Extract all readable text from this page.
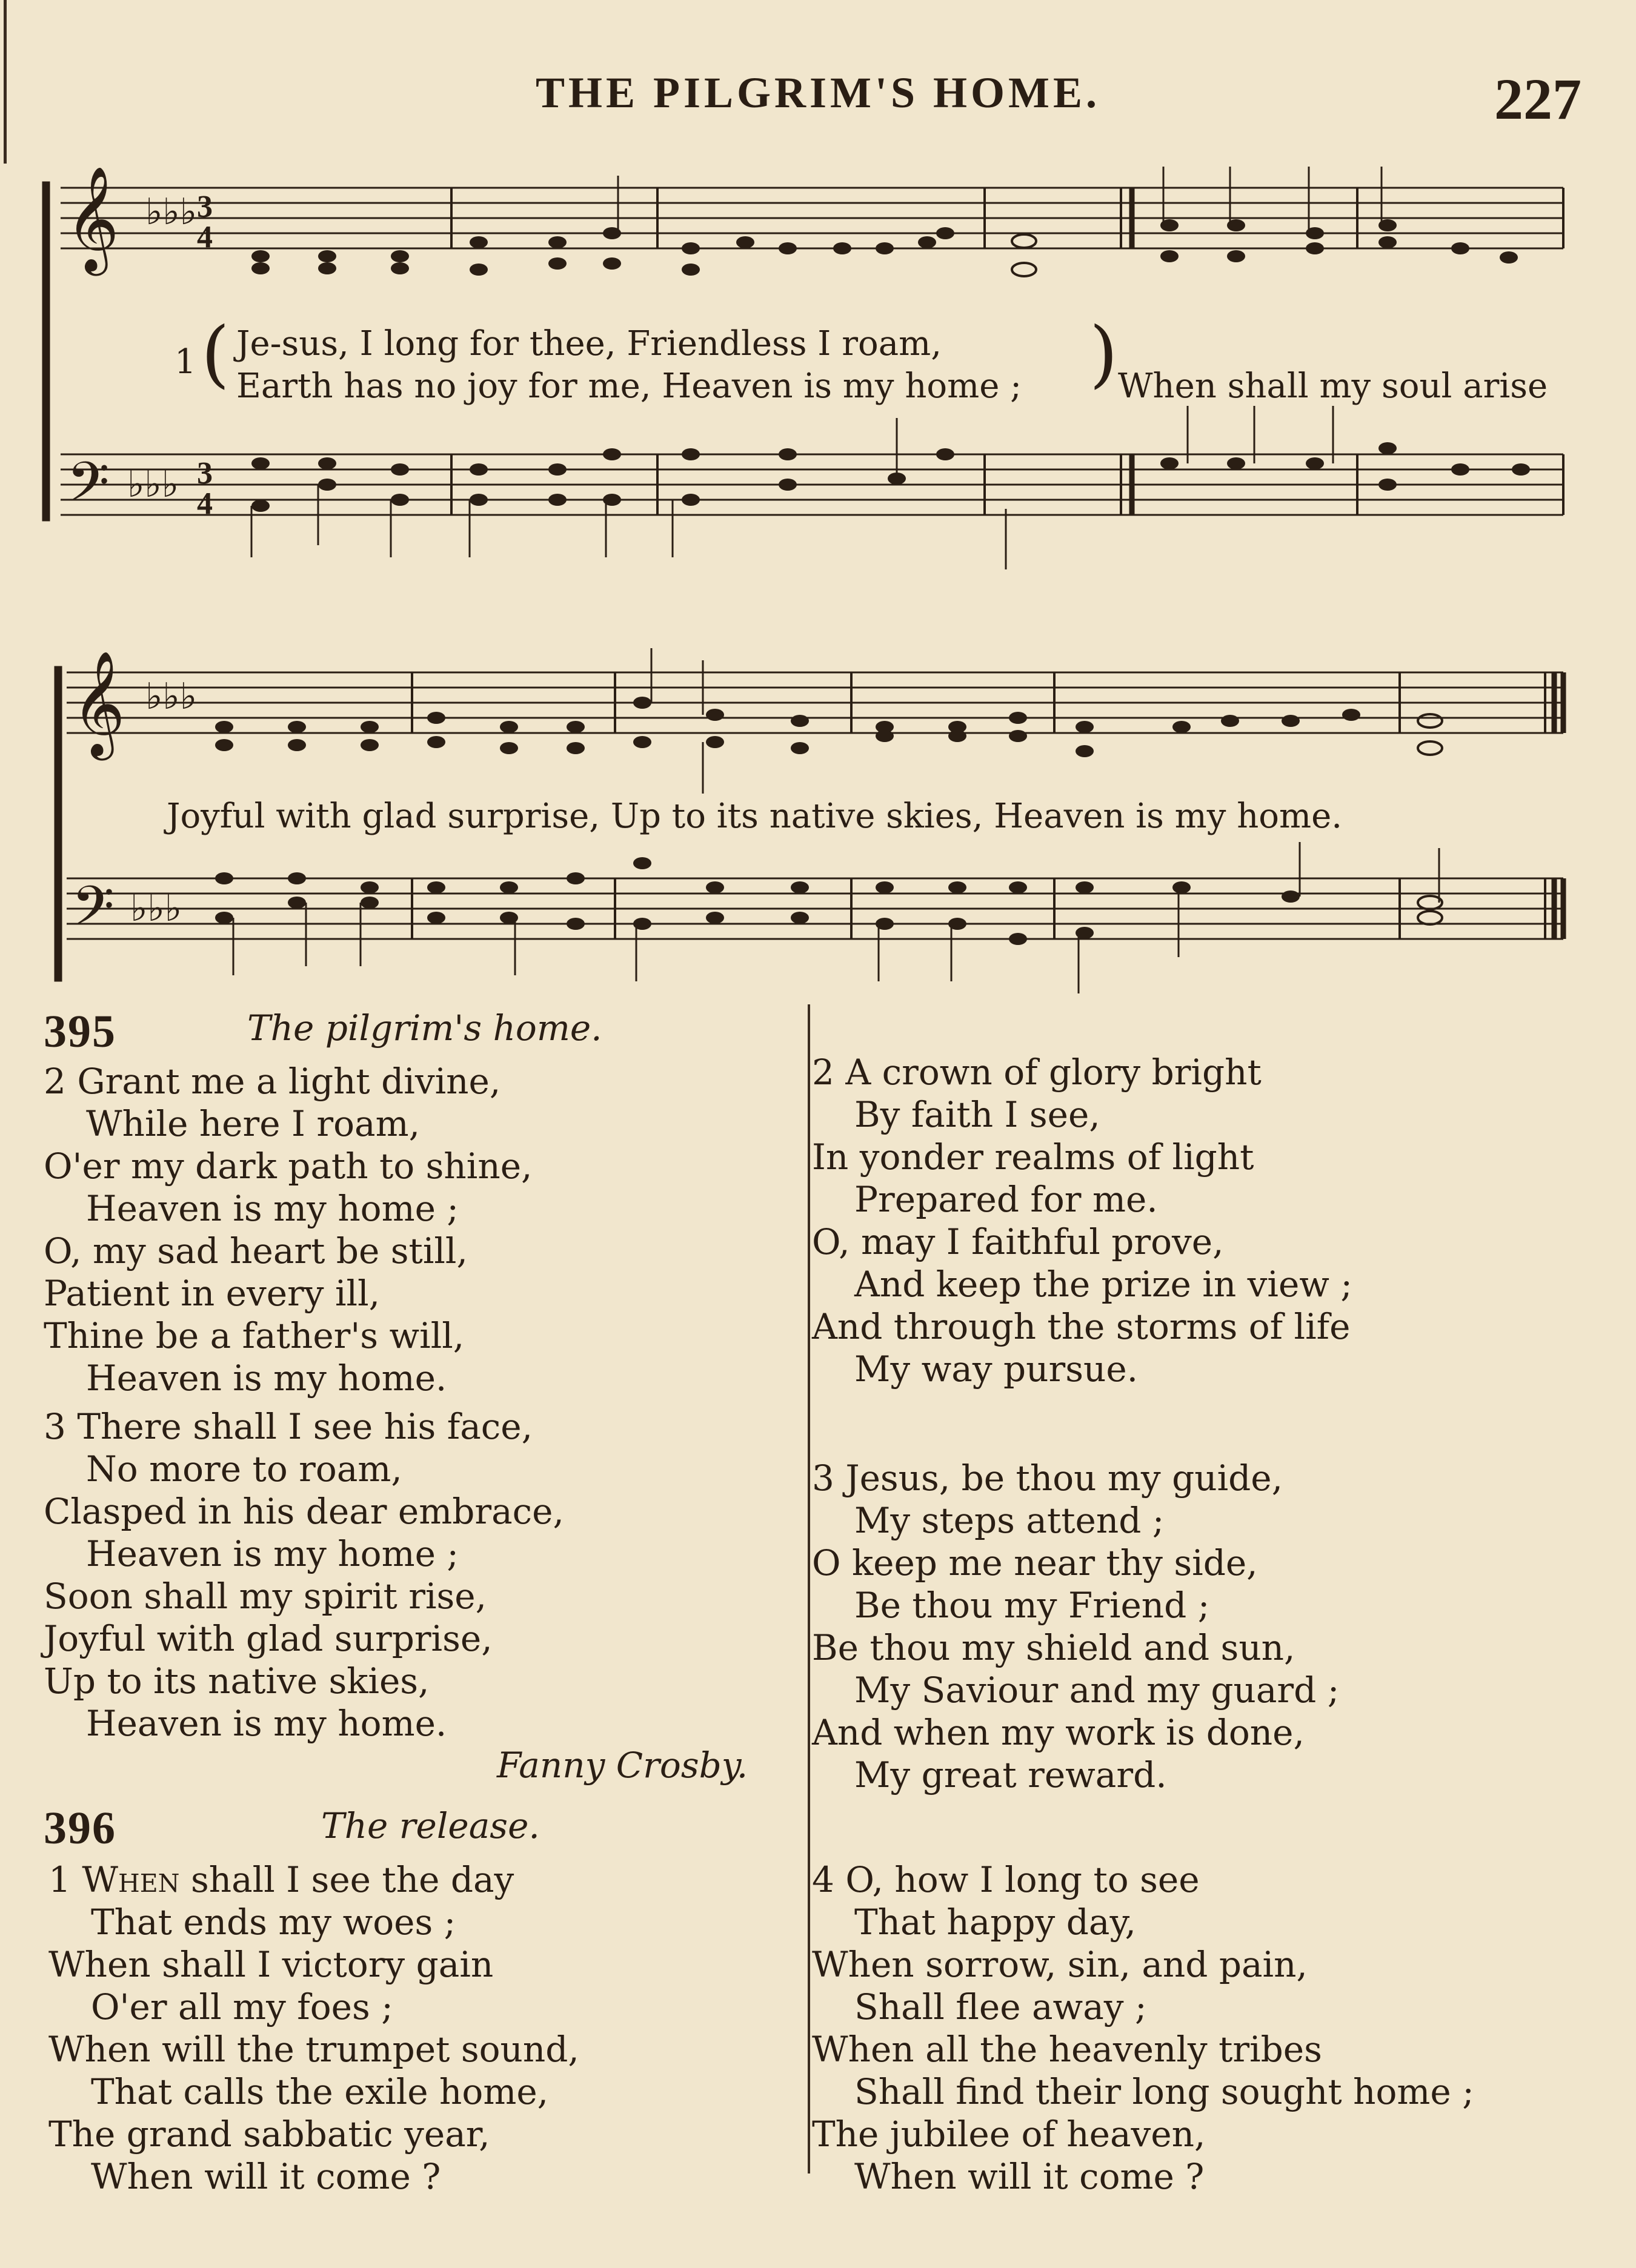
THE PILGRIM'S HOME.	227
𝄞 ♭♭♭ 3
4
𝄢 ♭♭♭ 3
4
1 ( Je-sus, I long for thee, Friendless I roam,
Earth has no joy for me, Heaven is my home ; ) When shall my soul arise
𝄞 ♭♭♭
𝄢 ♭♭♭
Joyful with glad surprise, Up to its native skies, Heaven is my home.
395	The pilgrim's home.
2 Grant me a light divine,
While here I roam,
O'er my dark path to shine,
Heaven is my home ;
O, my sad heart be still,
Patient in every ill,
Thine be a father's will,
Heaven is my home.
3 There shall I see his face,
No more to roam,
Clasped in his dear embrace,
Heaven is my home ;
Soon shall my spirit rise,
Joyful with glad surprise,
Up to its native skies,
Heaven is my home.
Fanny Crosby.
396	The release.
1 When shall I see the day
That ends my woes ;
When shall I victory gain
O'er all my foes ;
When will the trumpet sound,
That calls the exile home,
The grand sabbatic year,
When will it come ?
2 A crown of glory bright
By faith I see,
In yonder realms of light
Prepared for me.
O, may I faithful prove,
And keep the prize in view ;
And through the storms of life
My way pursue.
3 Jesus, be thou my guide,
My steps attend ;
O keep me near thy side,
Be thou my Friend ;
Be thou my shield and sun,
My Saviour and my guard ;
And when my work is done,
My great reward.
4 O, how I long to see
That happy day,
When sorrow, sin, and pain,
Shall flee away ;
When all the heavenly tribes
Shall find their long sought home ;
The jubilee of heaven,
When will it come ?
